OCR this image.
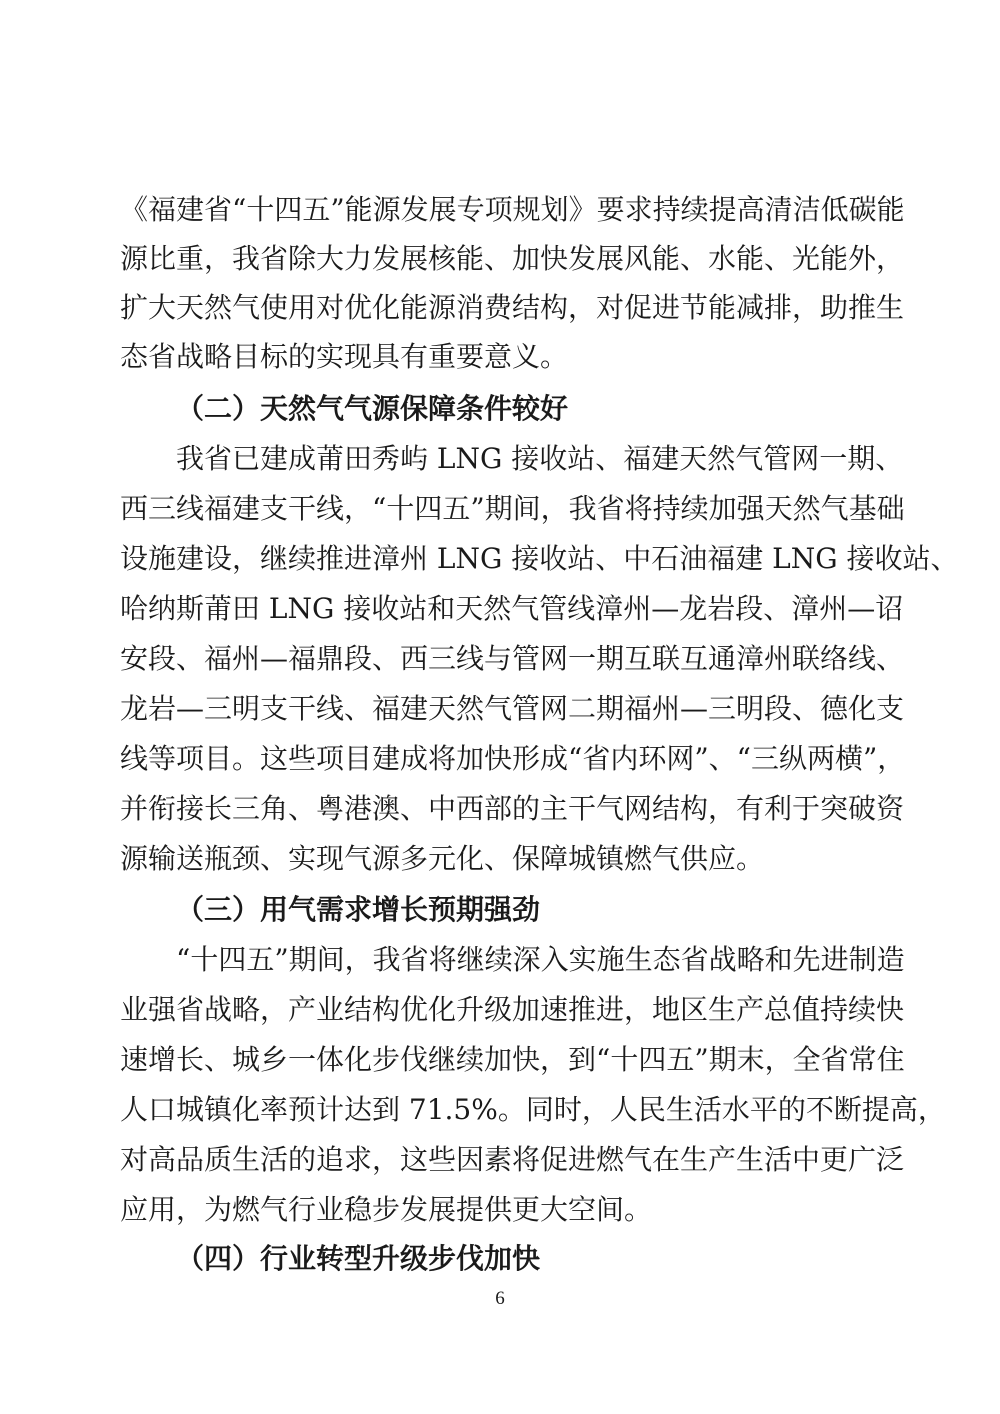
《福建省“十四五”能源发展专项规划》要求持续提高清洁低碳能
源比重，我省除大力发展核能、加快发展风能、水能、光能外，
扩大天然气使用对优化能源消费结构，对促进节能减排，助推生
态省战略目标的实现具有重要意义。
（二）天然气气源保障条件较好
我省已建成莆田秀屿 LNG 接收站、福建天然气管网一期、
西三线福建支干线，“十四五”期间，我省将持续加强天然气基础
设施建设，继续推进漳州 LNG 接收站、中石油福建 LNG 接收站、
哈纳斯莆田 LNG 接收站和天然气管线漳州—龙岩段、漳州—诏
安段、福州—福鼎段、西三线与管网一期互联互通漳州联络线、
龙岩—三明支干线、福建天然气管网二期福州—三明段、德化支
线等项目。这些项目建成将加快形成“省内环网”、“三纵两横”，
并衔接长三角、粤港澳、中西部的主干气网结构，有利于突破资
源输送瓶颈、实现气源多元化、保障城镇燃气供应。
（三）用气需求增长预期强劲
“十四五”期间，我省将继续深入实施生态省战略和先进制造
业强省战略，产业结构优化升级加速推进，地区生产总值持续快
速增长、城乡一体化步伐继续加快，到“十四五”期末，全省常住
人口城镇化率预计达到 71.5%。同时，人民生活水平的不断提高，
对高品质生活的追求，这些因素将促进燃气在生产生活中更广泛
应用，为燃气行业稳步发展提供更大空间。
（四）行业转型升级步伐加快
6
